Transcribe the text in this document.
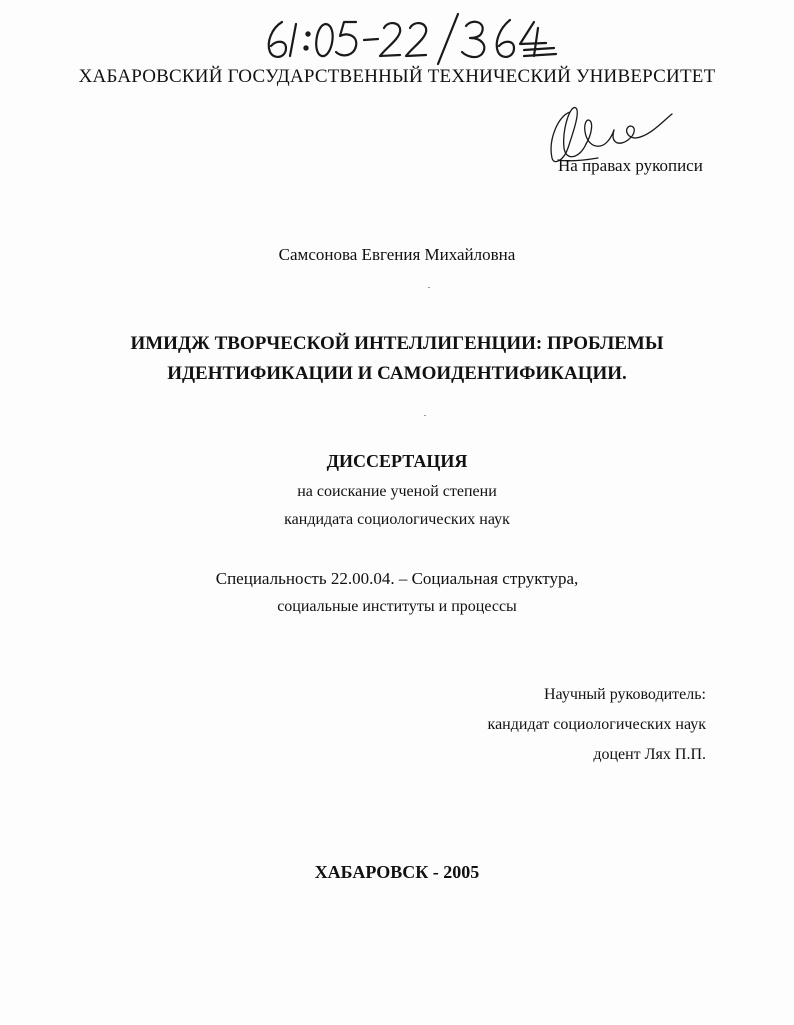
ХАБАРОВСКИЙ ГОСУДАРСТВЕННЫЙ ТЕХНИЧЕСКИЙ УНИВЕРСИТЕТ
На правах рукописи
Самсонова Евгения Михайловна
ИМИДЖ ТВОРЧЕСКОЙ ИНТЕЛЛИГЕНЦИИ: ПРОБЛЕМЫ
ИДЕНТИФИКАЦИИ И САМОИДЕНТИФИКАЦИИ.
ДИССЕРТАЦИЯ
на соискание ученой степени
кандидата социологических наук
Специальность 22.00.04. – Социальная структура,
социальные институты и процессы
Научный руководитель:
кандидат социологических наук
доцент Лях П.П.
ХАБАРОВСК - 2005
